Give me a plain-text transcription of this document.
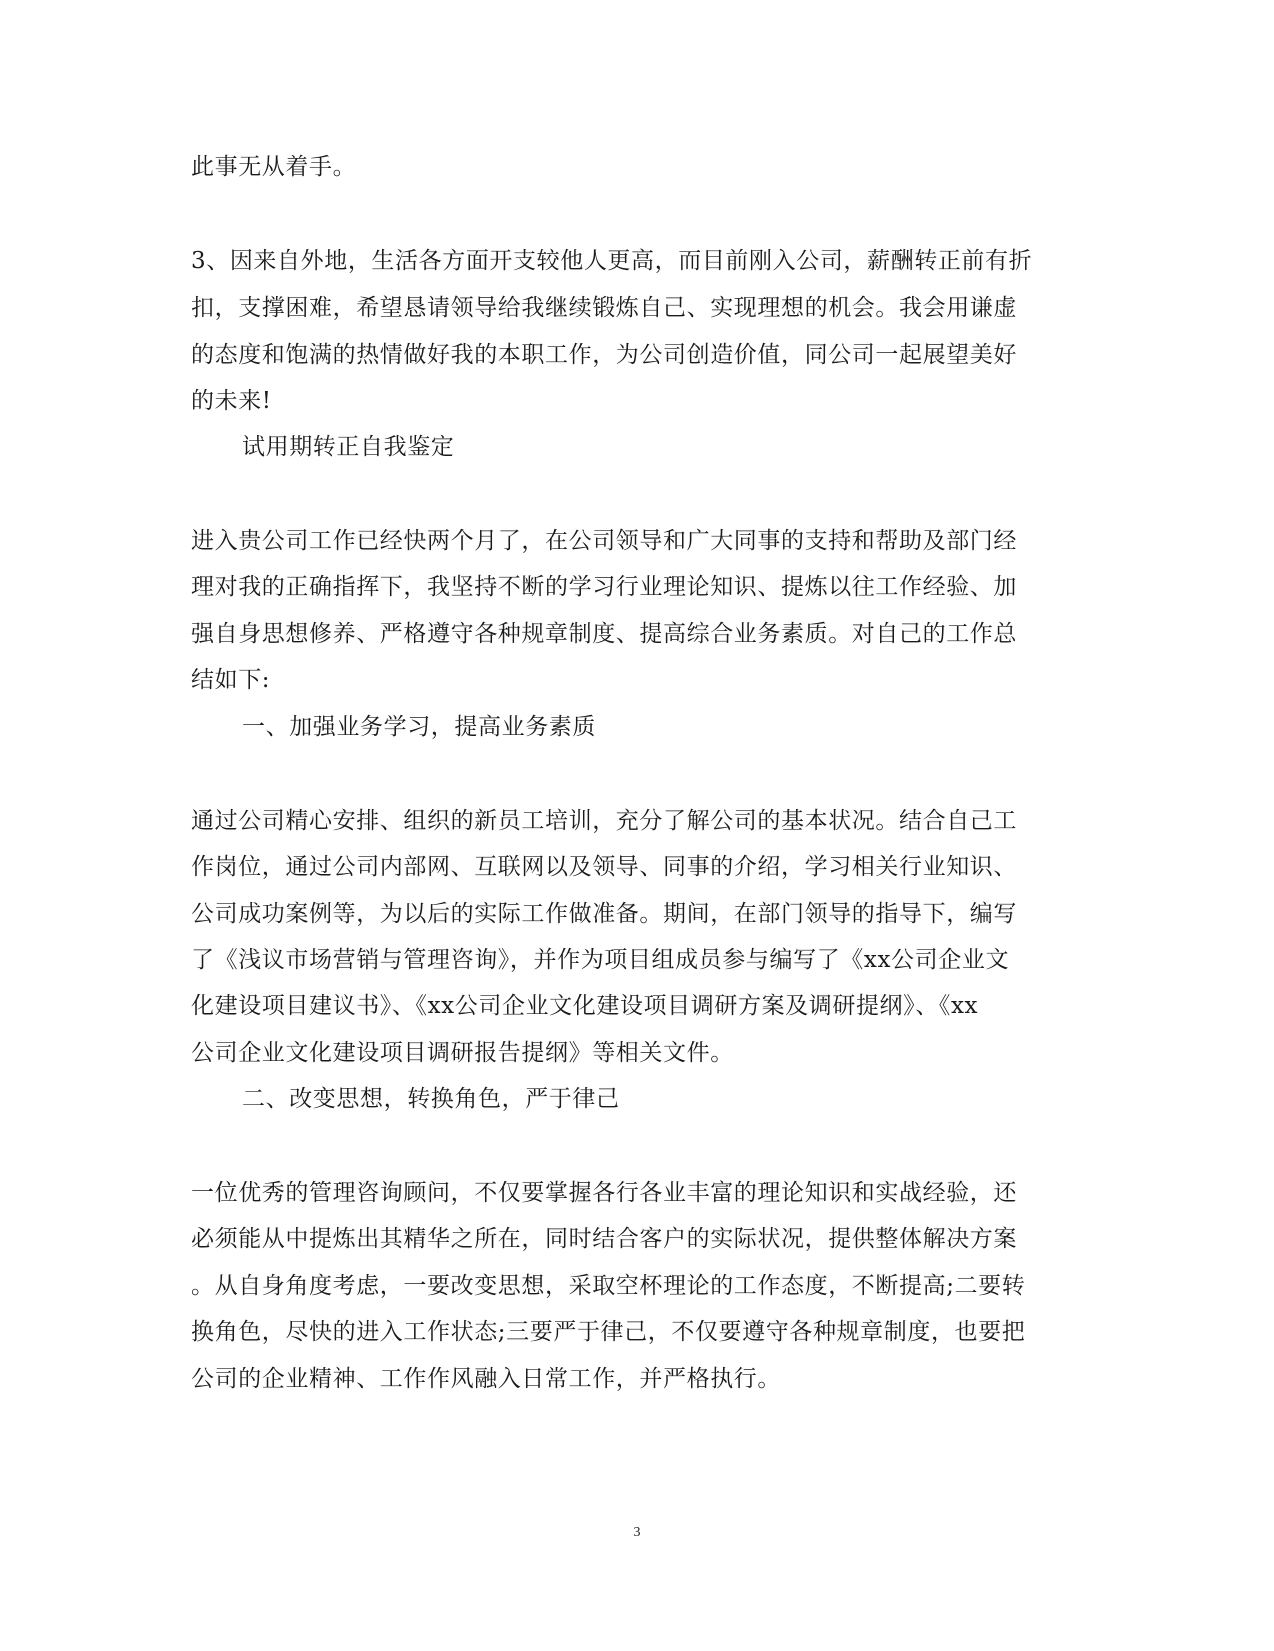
此事无从着手。
3、因来自外地，生活各方面开支较他人更高，而目前刚入公司，薪酬转正前有折
扣，支撑困难，希望恳请领导给我继续锻炼自己、实现理想的机会。我会用谦虚
的态度和饱满的热情做好我的本职工作，为公司创造价值，同公司一起展望美好
的未来!
试用期转正自我鉴定
进入贵公司工作已经快两个月了，在公司领导和广大同事的支持和帮助及部门经
理对我的正确指挥下，我坚持不断的学习行业理论知识、提炼以往工作经验、加
强自身思想修养、严格遵守各种规章制度、提高综合业务素质。对自己的工作总
结如下:
一、加强业务学习，提高业务素质
通过公司精心安排、组织的新员工培训，充分了解公司的基本状况。结合自己工
作岗位，通过公司内部网、互联网以及领导、同事的介绍，学习相关行业知识、
公司成功案例等，为以后的实际工作做准备。期间，在部门领导的指导下，编写
了《浅议市场营销与管理咨询》，并作为项目组成员参与编写了《xx公司企业文
化建设项目建议书》、《xx公司企业文化建设项目调研方案及调研提纲》、《xx
公司企业文化建设项目调研报告提纲》等相关文件。
二、改变思想，转换角色，严于律己
一位优秀的管理咨询顾问，不仅要掌握各行各业丰富的理论知识和实战经验，还
必须能从中提炼出其精华之所在，同时结合客户的实际状况，提供整体解决方案
。从自身角度考虑，一要改变思想，采取空杯理论的工作态度，不断提高;二要转
换角色，尽快的进入工作状态;三要严于律己，不仅要遵守各种规章制度，也要把
公司的企业精神、工作作风融入日常工作，并严格执行。
3
